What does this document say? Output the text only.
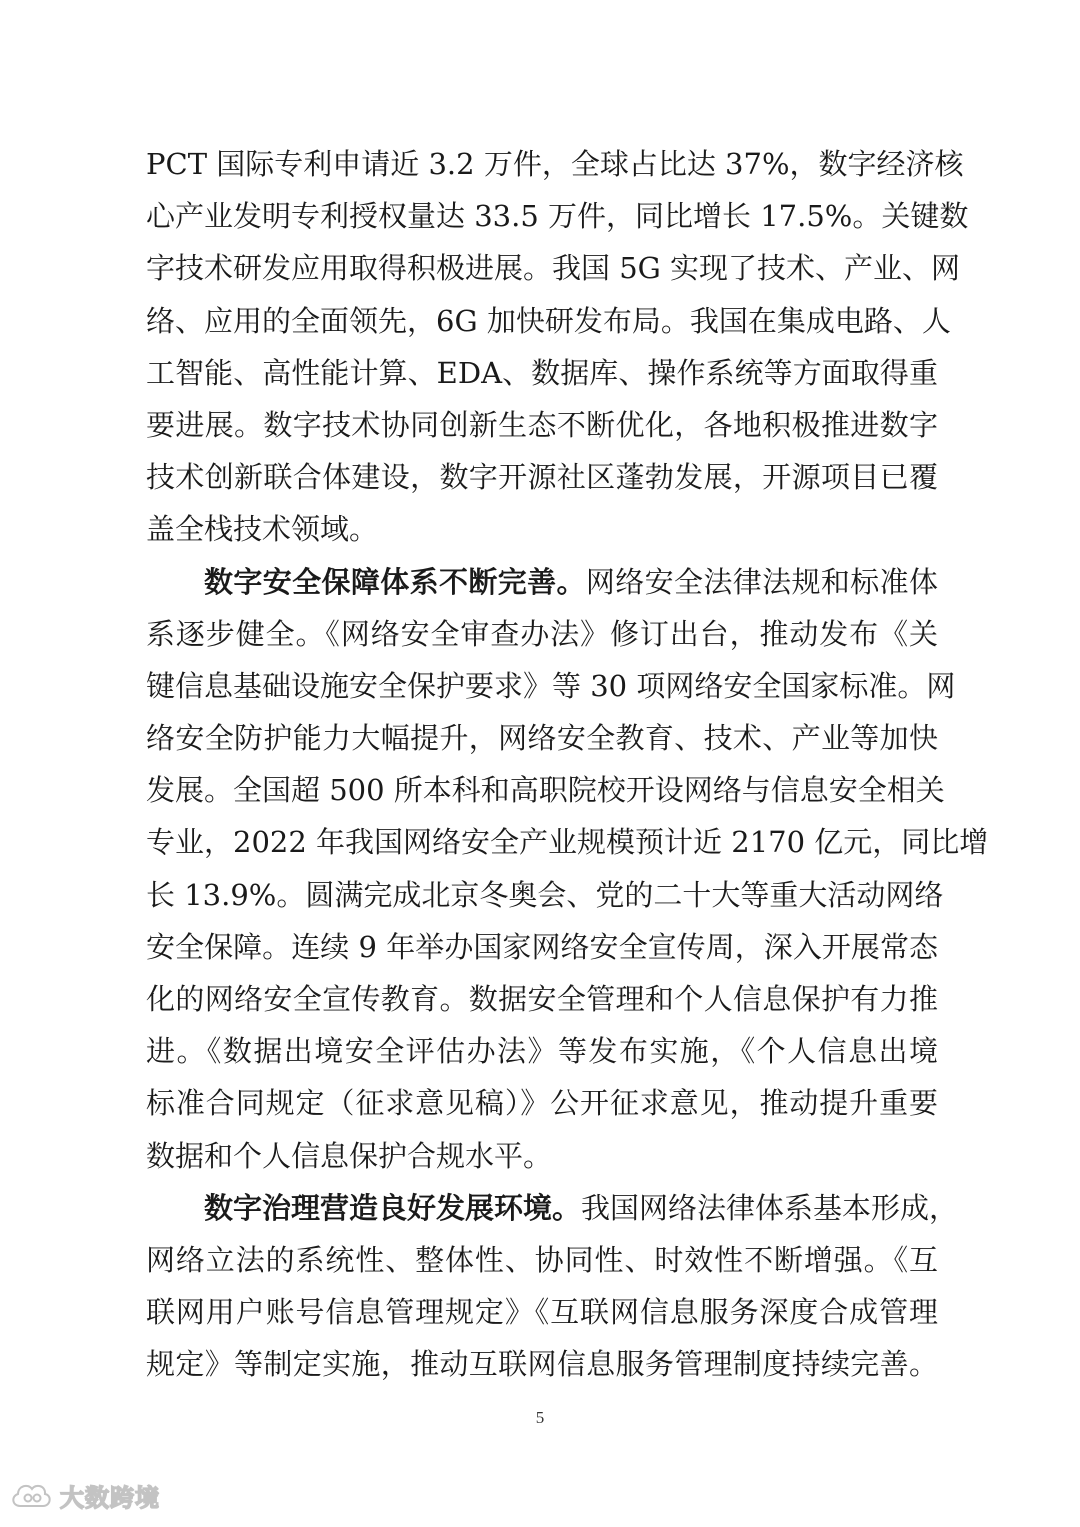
PCT 国际专利申请近 3.2 万件，全球占比达 37%，数字经济核
心产业发明专利授权量达 33.5 万件，同比增长 17.5%。关键数
字技术研发应用取得积极进展。我国 5G 实现了技术、产业、网
络、应用的全面领先，6G 加快研发布局。我国在集成电路、人
工智能、高性能计算、EDA、数据库、操作系统等方面取得重
要进展。数字技术协同创新生态不断优化，各地积极推进数字
技术创新联合体建设，数字开源社区蓬勃发展，开源项目已覆
盖全栈技术领域。
数字安全保障体系不断完善。网络安全法律法规和标准体
系逐步健全。《网络安全审查办法》修订出台，推动发布《关
键信息基础设施安全保护要求》等 30 项网络安全国家标准。网
络安全防护能力大幅提升，网络安全教育、技术、产业等加快
发展。全国超 500 所本科和高职院校开设网络与信息安全相关
专业，2022 年我国网络安全产业规模预计近 2170 亿元，同比增
长 13.9%。圆满完成北京冬奥会、党的二十大等重大活动网络
安全保障。连续 9 年举办国家网络安全宣传周，深入开展常态
化的网络安全宣传教育。数据安全管理和个人信息保护有力推
进。《数据出境安全评估办法》等发布实施，《个人信息出境
标准合同规定（征求意见稿）》公开征求意见，推动提升重要
数据和个人信息保护合规水平。
数字治理营造良好发展环境。我国网络法律体系基本形成，
网络立法的系统性、整体性、协同性、时效性不断增强。《互
联网用户账号信息管理规定》《互联网信息服务深度合成管理
规定》等制定实施，推动互联网信息服务管理制度持续完善。
5
大数跨境
